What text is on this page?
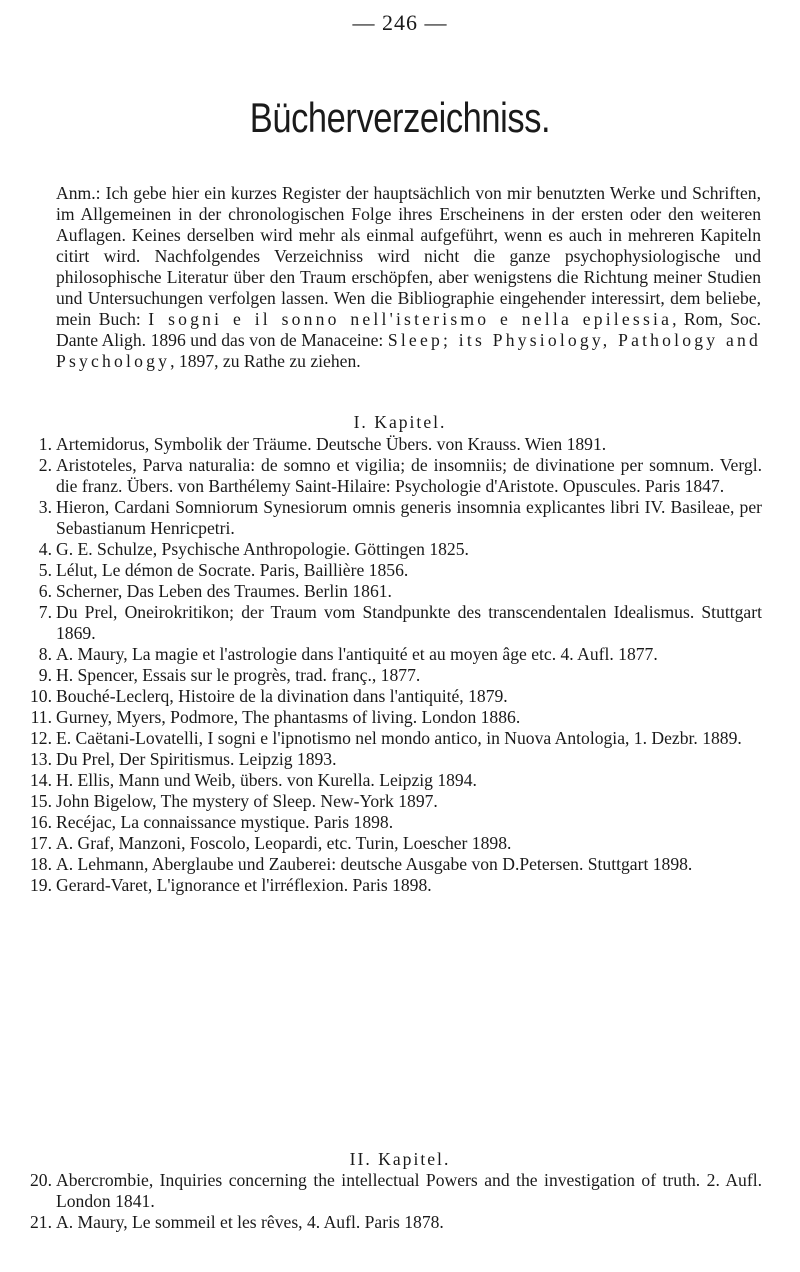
— 246 —
Bücherverzeichniss.
Anm.: Ich gebe hier ein kurzes Register der hauptsächlich von mir benutzten Werke und Schriften, im Allgemeinen in der chronologischen Folge ihres Erscheinens in der ersten oder den weiteren Auflagen. Keines derselben wird mehr als einmal aufgeführt, wenn es auch in mehreren Kapiteln citirt wird. Nachfolgendes Verzeichniss wird nicht die ganze psychophysiologische und philosophische Literatur über den Traum erschöpfen, aber wenigstens die Richtung meiner Studien und Untersuchungen verfolgen lassen. Wen die Bibliographie eingehender interessirt, dem beliebe, mein Buch: I sogni e il sonno nell'isterismo e nella epilessia, Rom, Soc. Dante Aligh. 1896 und das von de Manaceine: Sleep; its Physiology, Pathology and Psychology, 1897, zu Rathe zu ziehen.
I. Kapitel.
1. Artemidorus, Symbolik der Träume. Deutsche Übers. von Krauss. Wien 1891.
2. Aristoteles, Parva naturalia: de somno et vigilia; de insomniis; de divinatione per somnum. Vergl. die franz. Übers. von Barthélemy Saint-Hilaire: Psychologie d'Aristote. Opuscules. Paris 1847.
3. Hieron, Cardani Somniorum Synesiorum omnis generis insomnia explicantes libri IV. Basileae, per Sebastianum Henricpetri.
4. G. E. Schulze, Psychische Anthropologie. Göttingen 1825.
5. Lélut, Le démon de Socrate. Paris, Baillière 1856.
6. Scherner, Das Leben des Traumes. Berlin 1861.
7. Du Prel, Oneirokritikon; der Traum vom Standpunkte des transcendentalen Idealismus. Stuttgart 1869.
8. A. Maury, La magie et l'astrologie dans l'antiquité et au moyen âge etc. 4. Aufl. 1877.
9. H. Spencer, Essais sur le progrès, trad. franç., 1877.
10. Bouché-Leclerq, Histoire de la divination dans l'antiquité, 1879.
11. Gurney, Myers, Podmore, The phantasms of living. London 1886.
12. E. Caëtani-Lovatelli, I sogni e l'ipnotismo nel mondo antico, in Nuova Antologia, 1. Dezbr. 1889.
13. Du Prel, Der Spiritismus. Leipzig 1893.
14. H. Ellis, Mann und Weib, übers. von Kurella. Leipzig 1894.
15. John Bigelow, The mystery of Sleep. New-York 1897.
16. Recéjac, La connaissance mystique. Paris 1898.
17. A. Graf, Manzoni, Foscolo, Leopardi, etc. Turin, Loescher 1898.
18. A. Lehmann, Aberglaube und Zauberei: deutsche Ausgabe von D.Petersen. Stuttgart 1898.
19. Gerard-Varet, L'ignorance et l'irréflexion. Paris 1898.
II. Kapitel.
20. Abercrombie, Inquiries concerning the intellectual Powers and the investigation of truth. 2. Aufl. London 1841.
21. A. Maury, Le sommeil et les rêves, 4. Aufl. Paris 1878.
